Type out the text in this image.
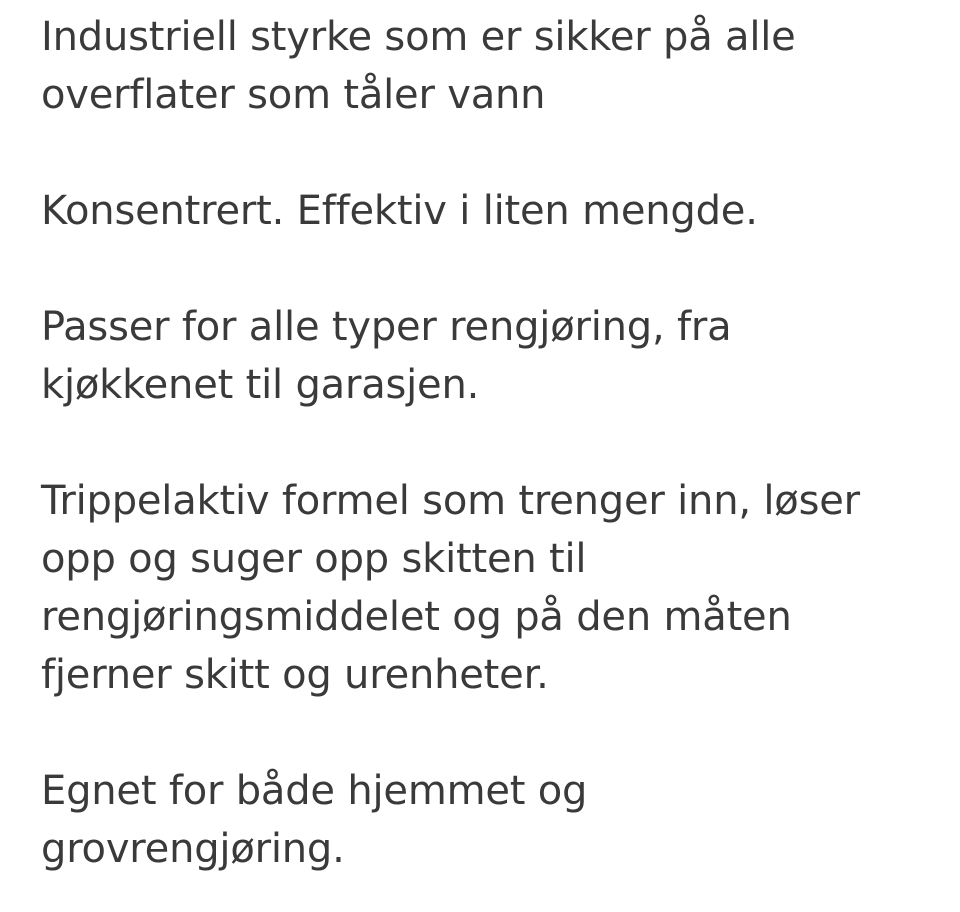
Industriell styrke som er sikker på alle
overflater som tåler vann

Konsentrert. Effektiv i liten mengde.

Passer for alle typer rengjøring, fra
kjøkkenet til garasjen.

Trippelaktiv formel som trenger inn, løser
opp og suger opp skitten til
rengjøringsmiddelet og på den måten
fjerner skitt og urenheter.

Egnet for både hjemmet og
grovrengjøring.
